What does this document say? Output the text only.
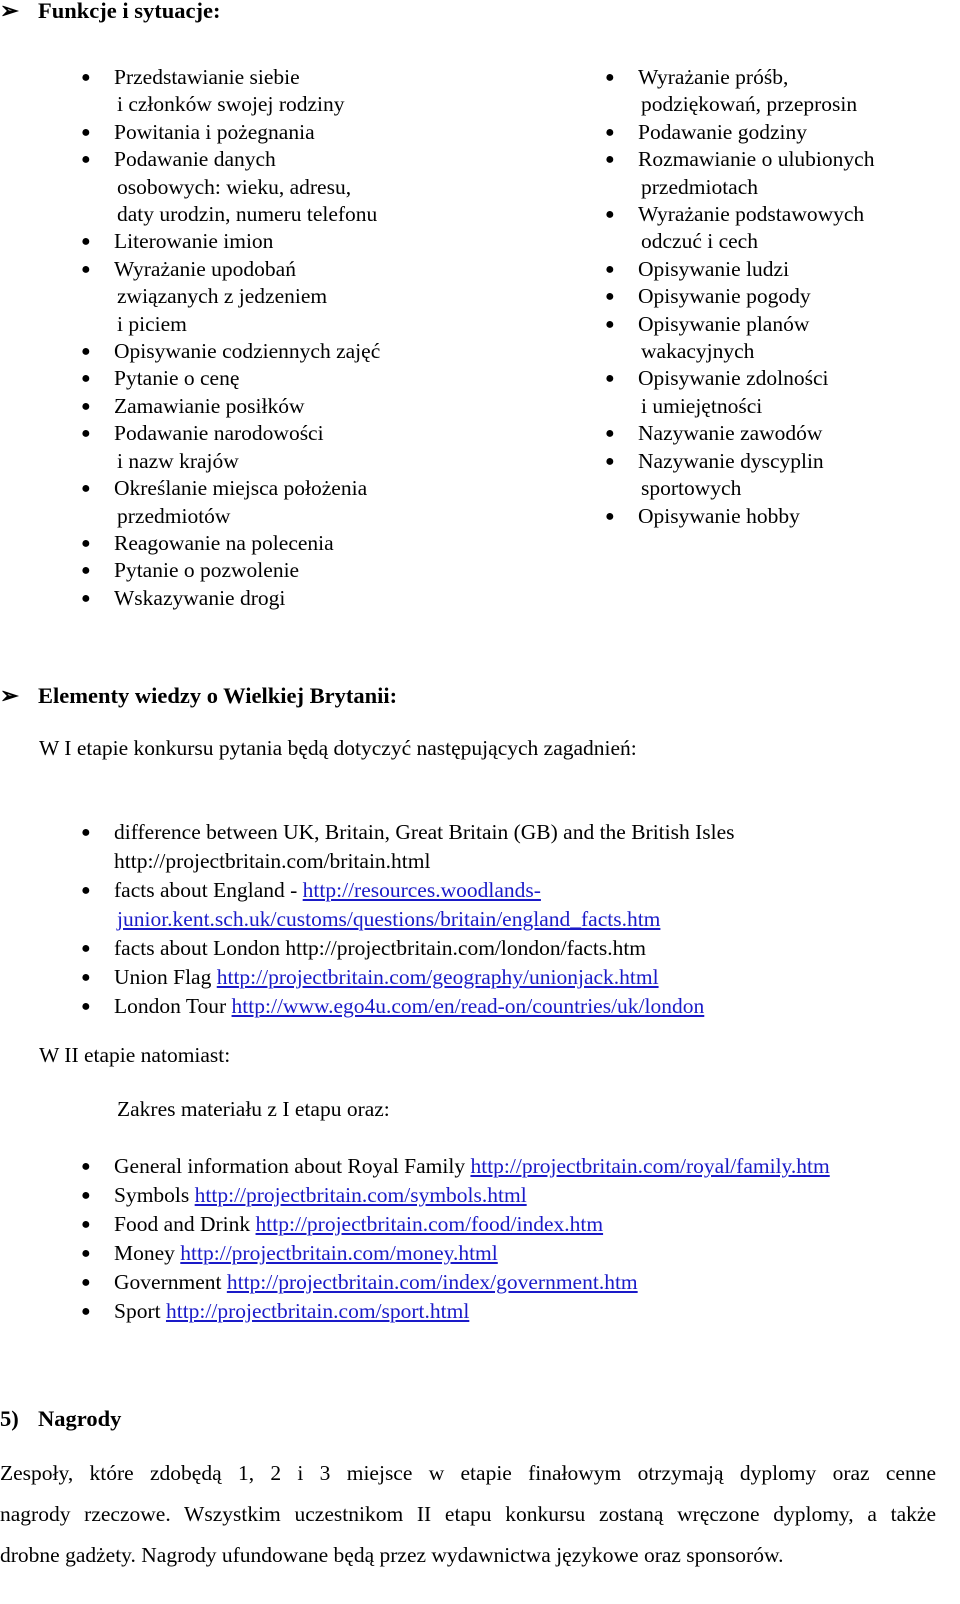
➢ Funkcje i sytuacje:
● Przedstawianie siebie
i członków swojej rodziny
● Powitania i pożegnania
● Podawanie danych
osobowych: wieku, adresu,
daty urodzin, numeru telefonu
● Literowanie imion
● Wyrażanie upodobań
związanych z jedzeniem
i piciem
● Opisywanie codziennych zajęć
● Pytanie o cenę
● Zamawianie posiłków
● Podawanie narodowości
i nazw krajów
● Określanie miejsca położenia
przedmiotów
● Reagowanie na polecenia
● Pytanie o pozwolenie
● Wskazywanie drogi
● Wyrażanie próśb,
podziękowań, przeprosin
● Podawanie godziny
● Rozmawianie o ulubionych
przedmiotach
● Wyrażanie podstawowych
odczuć i cech
● Opisywanie ludzi
● Opisywanie pogody
● Opisywanie planów
wakacyjnych
● Opisywanie zdolności
i umiejętności
● Nazywanie zawodów
● Nazywanie dyscyplin
sportowych
● Opisywanie hobby
➢ Elementy wiedzy o Wielkiej Brytanii:
W I etapie konkursu pytania będą dotyczyć następujących zagadnień:
● difference between UK, Britain, Great Britain (GB) and the British Isles
http://projectbritain.com/britain.html
● facts about England - http://resources.woodlands-
junior.kent.sch.uk/customs/questions/britain/england_facts.htm
● facts about London http://projectbritain.com/london/facts.htm
● Union Flag http://projectbritain.com/geography/unionjack.html
● London Tour http://www.ego4u.com/en/read-on/countries/uk/london
W II etapie natomiast:
Zakres materiału z I etapu oraz:
● General information about Royal Family http://projectbritain.com/royal/family.htm
● Symbols http://projectbritain.com/symbols.html
● Food and Drink http://projectbritain.com/food/index.htm
● Money http://projectbritain.com/money.html
● Government http://projectbritain.com/index/government.htm
● Sport http://projectbritain.com/sport.html
5) Nagrody
Zespoły, które zdobędą 1, 2 i 3 miejsce w etapie finałowym otrzymają dyplomy oraz cenne
nagrody rzeczowe. Wszystkim uczestnikom II etapu konkursu zostaną wręczone dyplomy, a także
drobne gadżety. Nagrody ufundowane będą przez wydawnictwa językowe oraz sponsorów.
